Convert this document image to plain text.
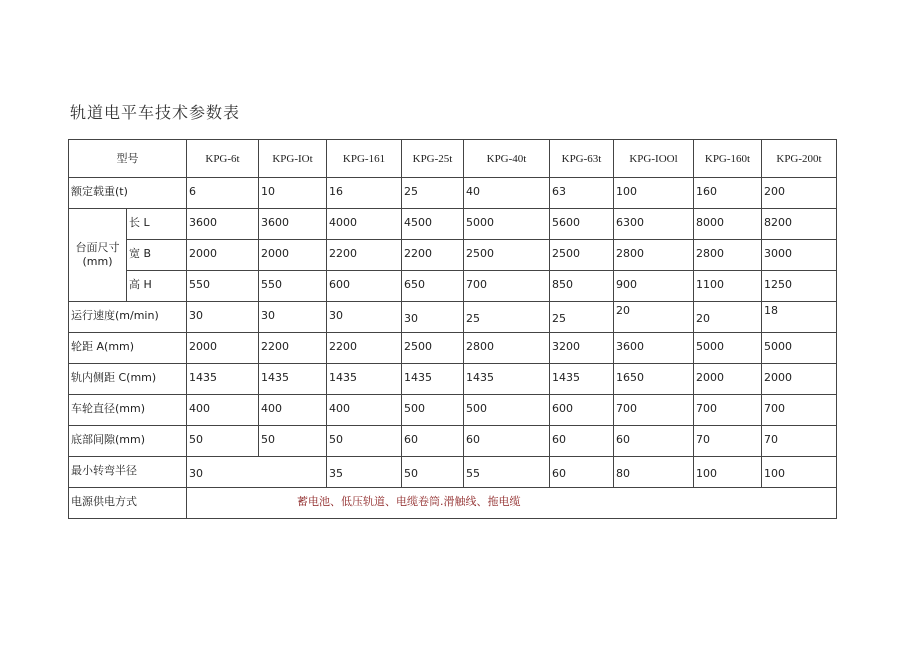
轨道电平车技术参数表
型号		KPG-6t	KPG-IOt	KPG-161	KPG-25t	KPG-40t	KPG-63t	KPG-IOOl	KPG-160t	KPG-200t
额定载重(t)		6	10	16	25	40	63	100	160	200
台面尺寸
(mm)	长 L	3600	3600	4000	4500	5000	5600	6300	8000	8200
	宽 B	2000	2000	2200	2200	2500	2500	2800	2800	3000
	高 H	550	550	600	650	700	850	900	1100	1250
运行速度(m/min)		30	30	30	30	25	25	20	20	18
轮距 A(mm)		2000	2200	2200	2500	2800	3200	3600	5000	5000
轨内侧距 C(mm)		1435	1435	1435	1435	1435	1435	1650	2000	2000
车轮直径(mm)		400	400	400	500	500	600	700	700	700
底部间隙(mm)		50	50	50	60	60	60	60	70	70
最小转弯半径		30		35	50	55	60	80	100	100
电源供电方式		蓄电池、低压轨道、电缆卷筒.滑触线、拖电缆								
